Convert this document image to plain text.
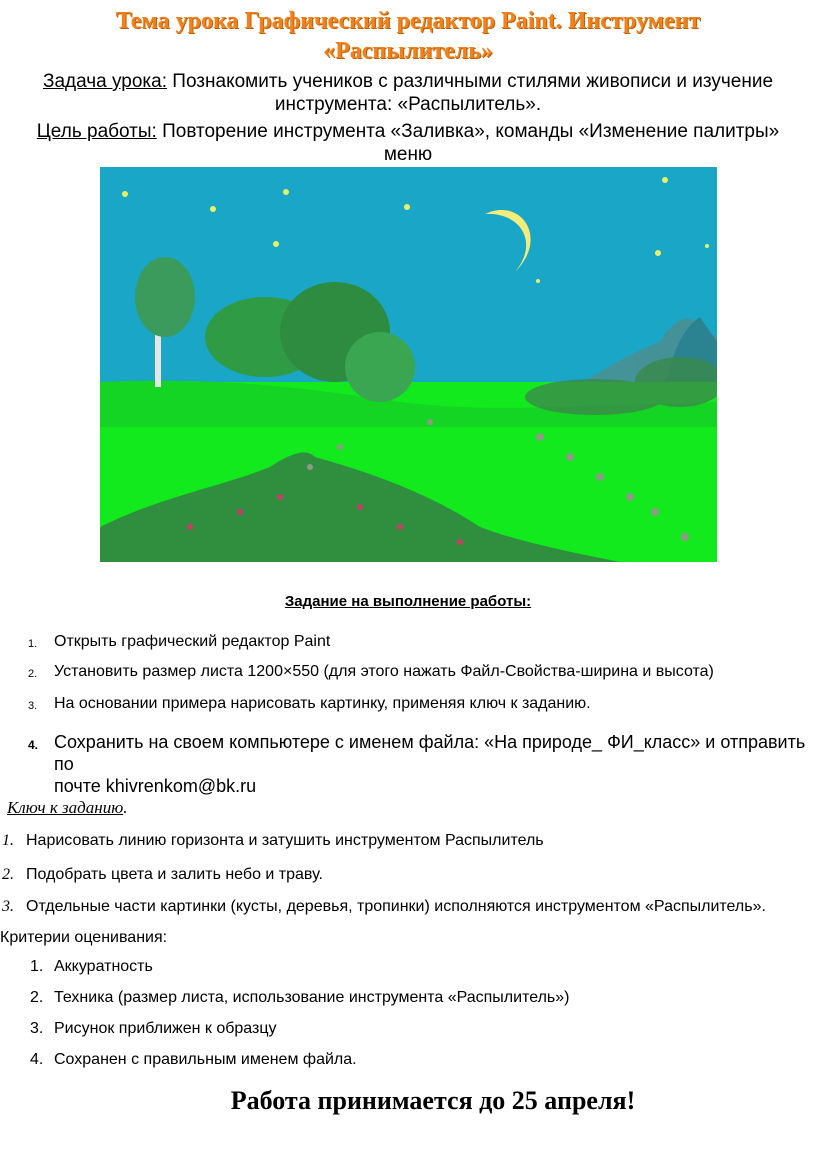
Тема урока Графический редактор Paint. Инструмент
«Распылитель»
Задача урока: Познакомить учеников с различными стилями живописи и изучение
инструмента: «Распылитель».
Цель работы: Повторение инструмента «Заливка», команды «Изменение палитры» меню
Задание на выполнение работы:
1. Открыть графический редактор Paint
2. Установить размер листа 1200×550 (для этого нажать Файл-Свойства-ширина и высота)
3. На основании примера нарисовать картинку, применяя ключ к заданию.
4. Сохранить на своем компьютере с именем файла: «На природе_ ФИ_класс» и отправить по
почте khivrenkom@bk.ru
Ключ к заданию.
1. Нарисовать линию горизонта и затушить инструментом Распылитель
2. Подобрать цвета и залить небо и траву.
3. Отдельные части картинки (кусты, деревья, тропинки) исполняются инструментом «Распылитель».
Критерии оценивания:
1. Аккуратность
2. Техника (размер листа, использование инструмента «Распылитель»)
3. Рисунок приближен к образцу
4. Сохранен с правильным именем файла.
Работа принимается до 25 апреля!
